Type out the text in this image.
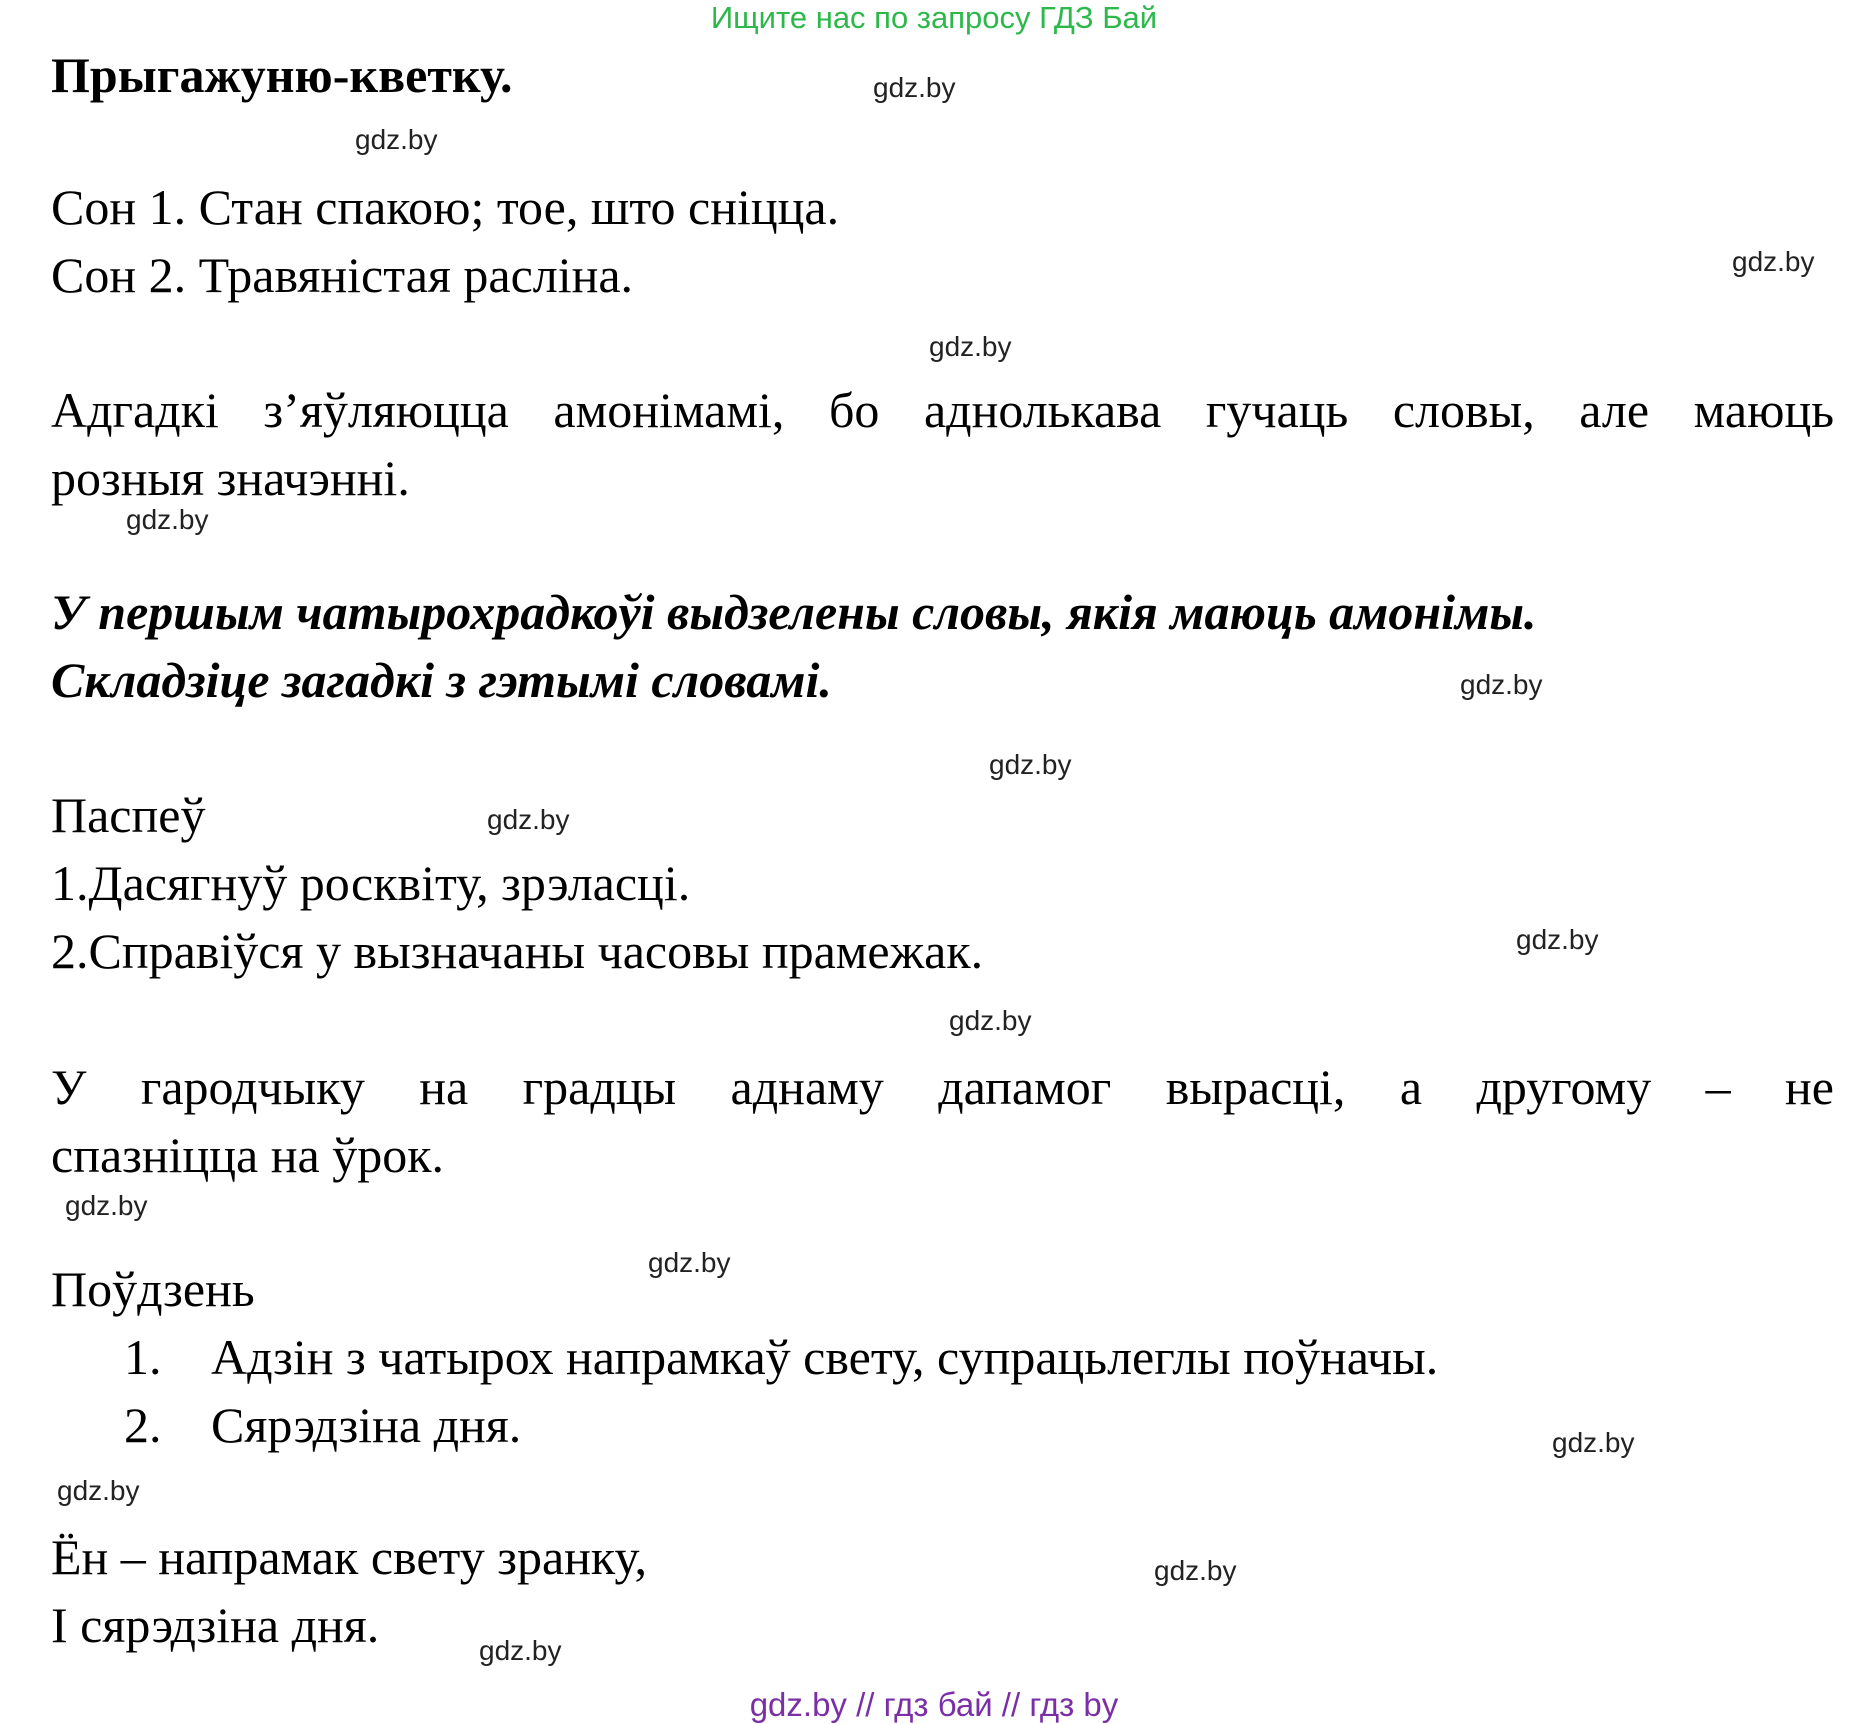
Ищите нас по запросу ГДЗ Бай
Прыгажуню-кветку.
Сон 1. Стан спакою; тое, што сніцца.
Сон 2. Травяністая расліна.
Адгадкі з’яўляюцца амонімамі, бо аднолькава гучаць словы, але маюць
розныя значэнні.
У першым чатырохрадкоўі выдзелены словы, якія маюць амонімы.
Складзіце загадкі з гэтымі словамі.
Паспеў
1.Дасягнуў росквіту, зрэласці.
2.Справіўся у вызначаны часовы прамежак.
У гародчыку на градцы аднаму дапамог вырасці, а другому – не
спазніцца на ўрок.
Поўдзень
1. Адзін з чатырох напрамкаў свету, супрацьлеглы поўначы.
2. Сярэдзіна дня.
Ён – напрамак свету зранку,
І сярэдзіна дня.
gdz.by
gdz.by
gdz.by
gdz.by
gdz.by
gdz.by
gdz.by
gdz.by
gdz.by
gdz.by
gdz.by
gdz.by
gdz.by
gdz.by
gdz.by
gdz.by
gdz.by // гдз бай // гдз by
